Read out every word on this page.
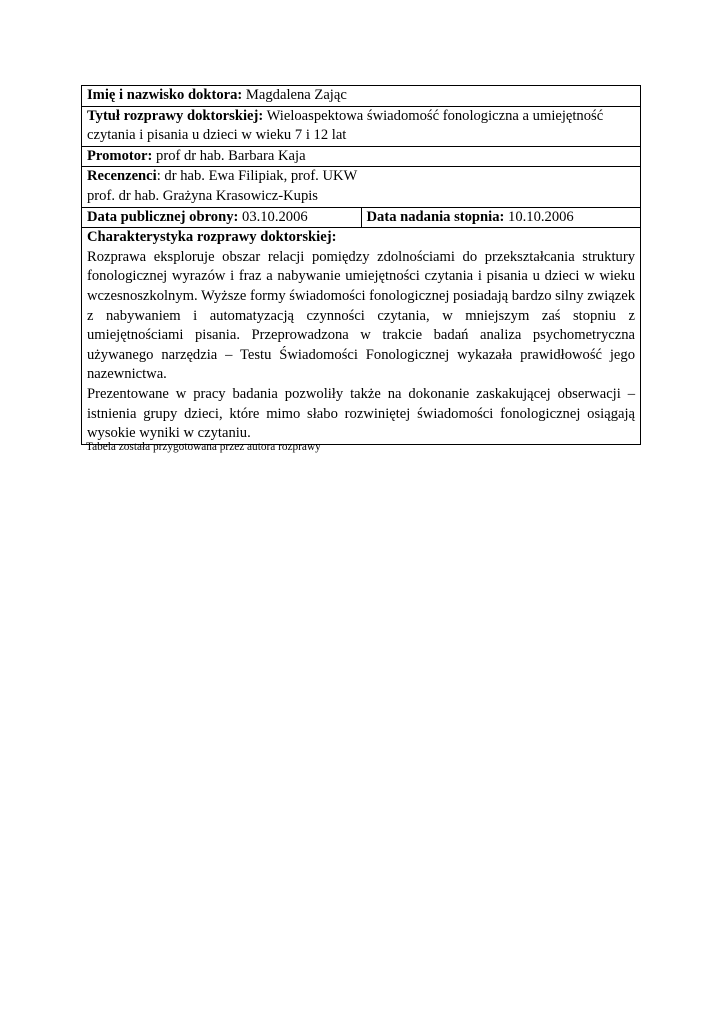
Imię i nazwisko doktora: Magdalena Zając
Tytuł rozprawy doktorskiej: Wieloaspektowa świadomość fonologiczna a umiejętność czytania i pisania u dzieci w wieku 7 i 12 lat
Promotor: prof dr hab. Barbara Kaja

Recenzenci: dr hab. Ewa Filipiak, prof. UKW
prof. dr hab. Grażyna Krasowicz-Kupis

Data publicznej obrony: 03.10.2006	Data nadania stopnia: 10.10.2006

Charakterystyka rozprawy doktorskiej:
Rozprawa eksploruje obszar relacji pomiędzy zdolnościami do przekształcania struktury fonologicznej wyrazów i fraz a nabywanie umiejętności czytania i pisania u dzieci w wieku wczesnoszkolnym. Wyższe formy świadomości fonologicznej posiadają bardzo silny związek z nabywaniem i automatyzacją czynności czytania, w mniejszym zaś stopniu z umiejętnościami pisania. Przeprowadzona w trakcie badań analiza psychometryczna używanego narzędzia – Testu Świadomości Fonologicznej wykazała prawidłowość jego nazewnictwa.
Prezentowane w pracy badania pozwoliły także na dokonanie zaskakującej obserwacji – istnienia grupy dzieci, które mimo słabo rozwiniętej świadomości fonologicznej osiągają wysokie wyniki w czytaniu.
Tabela została przygotowana przez autora rozprawy
